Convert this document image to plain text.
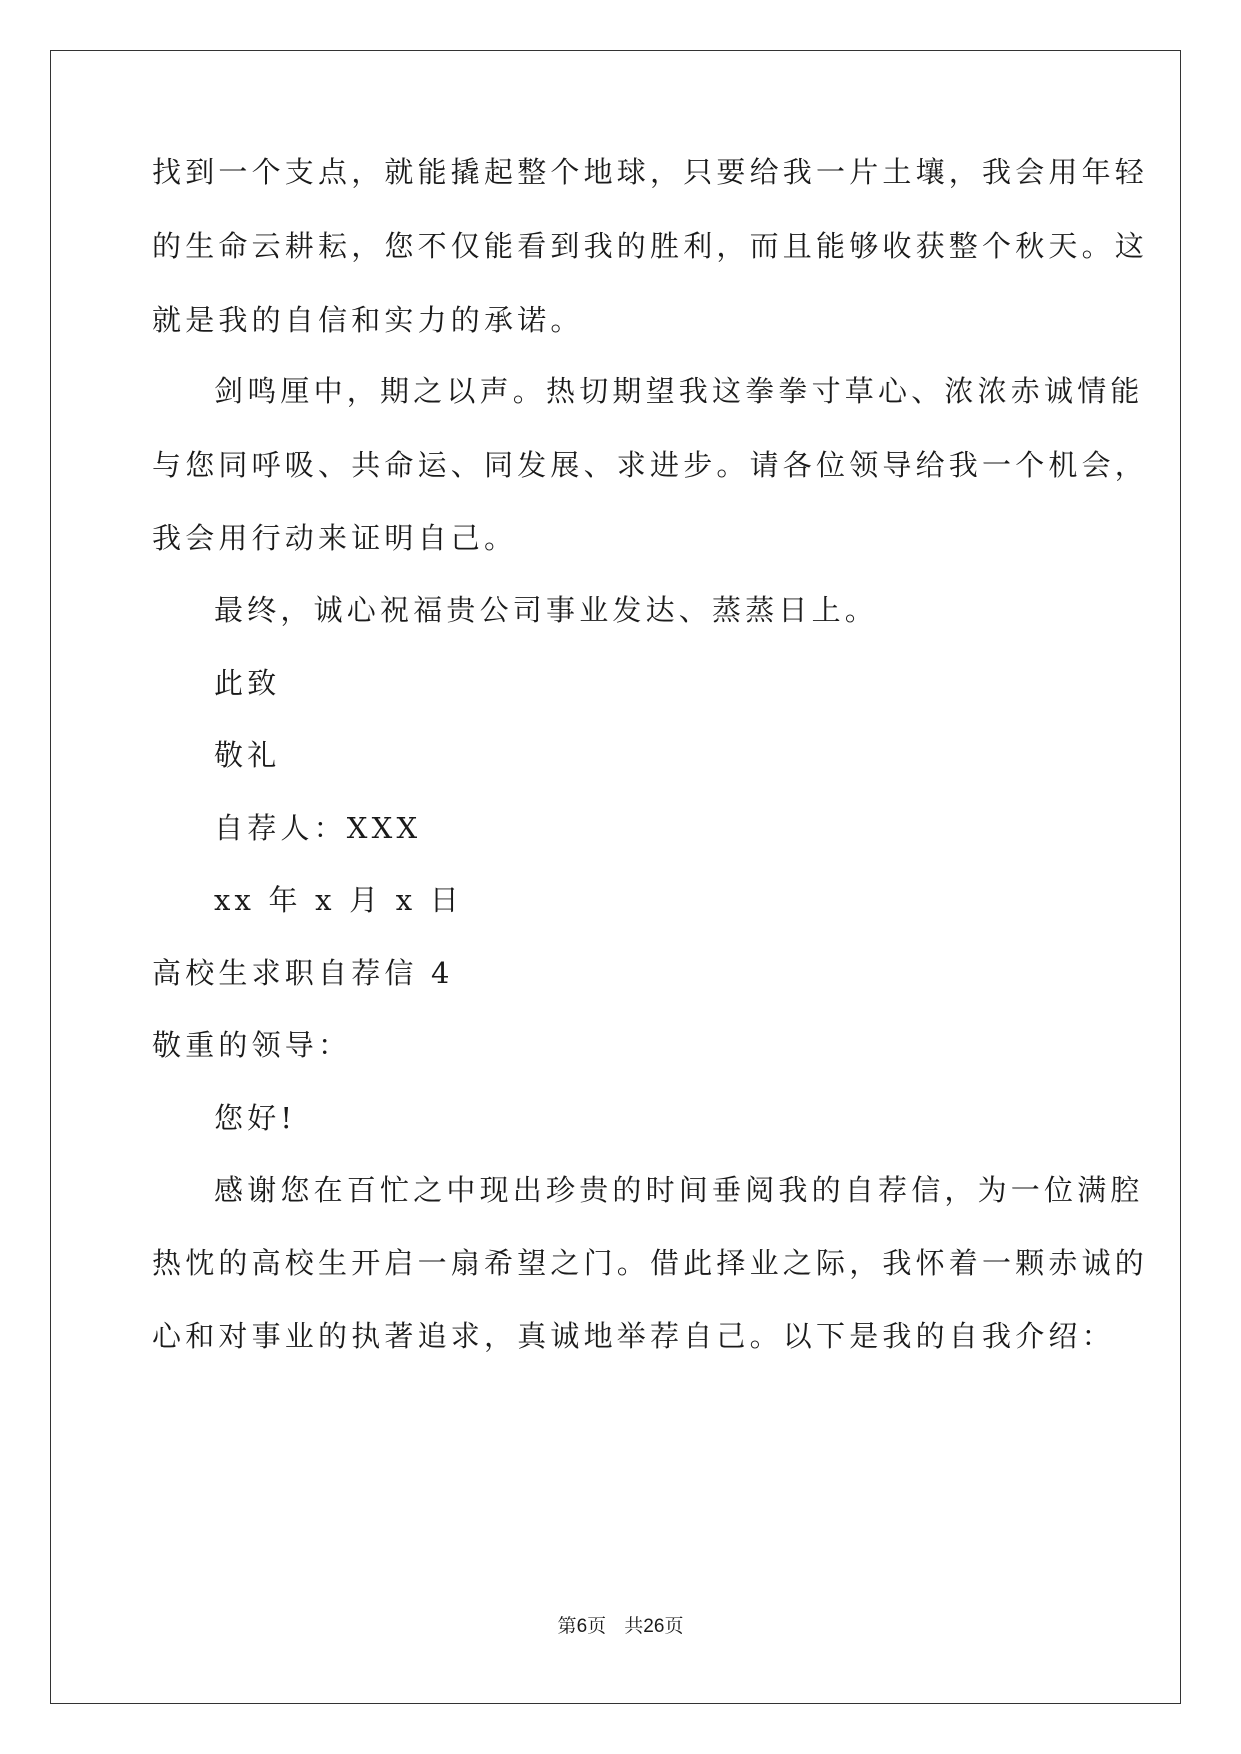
找到一个支点，就能撬起整个地球，只要给我一片土壤，我会用年轻
的生命云耕耘，您不仅能看到我的胜利，而且能够收获整个秋天。这
就是我的自信和实力的承诺。
剑鸣厘中，期之以声。热切期望我这拳拳寸草心、浓浓赤诚情能
与您同呼吸、共命运、同发展、求进步。请各位领导给我一个机会，
我会用行动来证明自己。
最终，诚心祝福贵公司事业发达、蒸蒸日上。
此致
敬礼
自荐人：XXX
xx 年 x 月 x 日
高校生求职自荐信 4
敬重的领导：
您好!
感谢您在百忙之中现出珍贵的时间垂阅我的自荐信，为一位满腔
热忱的高校生开启一扇希望之门。借此择业之际，我怀着一颗赤诚的
心和对事业的执著追求，真诚地举荐自己。以下是我的自我介绍：
第6页 共26页
